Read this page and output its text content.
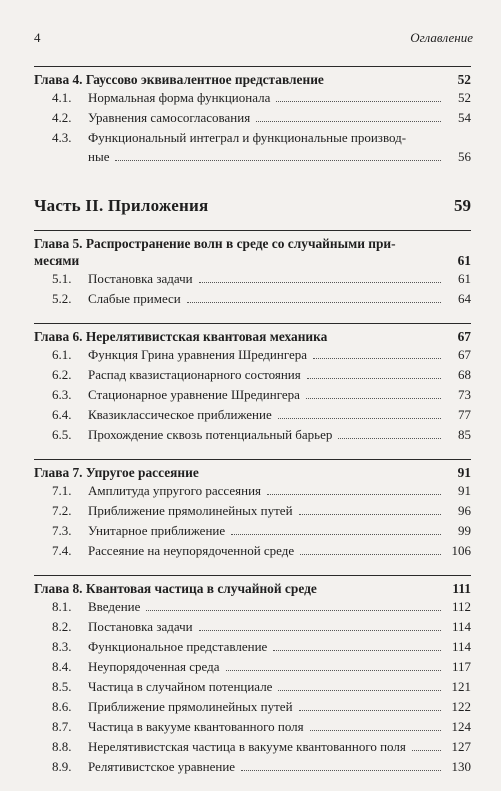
4	Оглавление
Глава 4. Гауссово эквивалентное представление	52
4.1.	Нормальная форма функционала	52
4.2.	Уравнения самосогласования	54
4.3.	Функциональный интеграл и функциональные производ-
ные	56
Часть II. Приложения	59
Глава 5. Распространение волн в среде со случайными при-
месями	61
5.1.	Постановка задачи	61
5.2.	Слабые примеси	64
Глава 6. Нерелятивистская квантовая механика	67
6.1.	Функция Грина уравнения Шредингера	67
6.2.	Распад квазистационарного состояния	68
6.3.	Стационарное уравнение Шредингера	73
6.4.	Квазиклассическое приближение	77
6.5.	Прохождение сквозь потенциальный барьер	85
Глава 7. Упругое рассеяние	91
7.1.	Амплитуда упругого рассеяния	91
7.2.	Приближение прямолинейных путей	96
7.3.	Унитарное приближение	99
7.4.	Рассеяние на неупорядоченной среде	106
Глава 8. Квантовая частица в случайной среде	111
8.1.	Введение	112
8.2.	Постановка задачи	114
8.3.	Функциональное представление	114
8.4.	Неупорядоченная среда	117
8.5.	Частица в случайном потенциале	121
8.6.	Приближение прямолинейных путей	122
8.7.	Частица в вакууме квантованного поля	124
8.8.	Нерелятивистская частица в вакууме квантованного поля	127
8.9.	Релятивистское уравнение	130
